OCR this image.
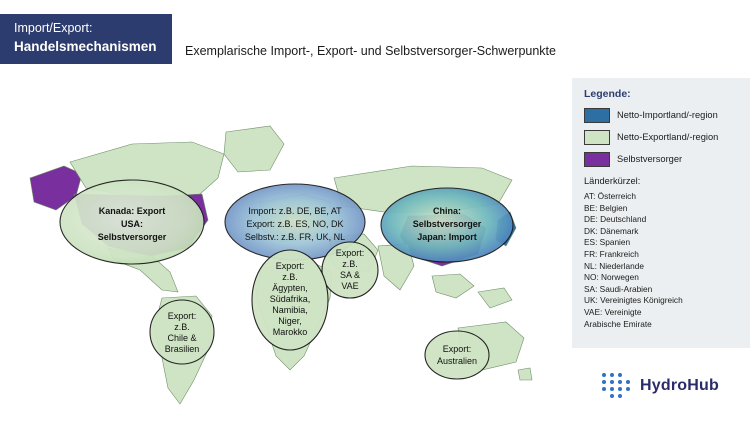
Import/Export:
Handelsmechanismen	Exemplarische Import-, Export- und Selbstversorger-Schwerpunkte
Kanada: Export
USA:
Selbstversorger
Import: z.B. DE, BE, AT
Export: z.B. ES, NO, DK
Selbstv.: z.B. FR, UK, NL
China:
Selbstversorger
Japan: Import
Export:
z.B.
SA &
VAE
Export:
z.B.
Ägypten,
Südafrika,
Namibia,
Niger,
Marokko
Export:
z.B.
Chile &
Brasilien	Export:
Australien
Legende:
Netto-Importland/-region
Netto-Exportland/-region
Selbstversorger
Länderkürzel:
AT: Österreich
BE: Belgien
DE: Deutschland
DK: Dänemark
ES: Spanien
FR: Frankreich
NL: Niederlande
NO: Norwegen
SA: Saudi-Arabien
UK: Vereinigtes Königreich
VAE: Vereinigte
Arabische Emirate
HydroHub
